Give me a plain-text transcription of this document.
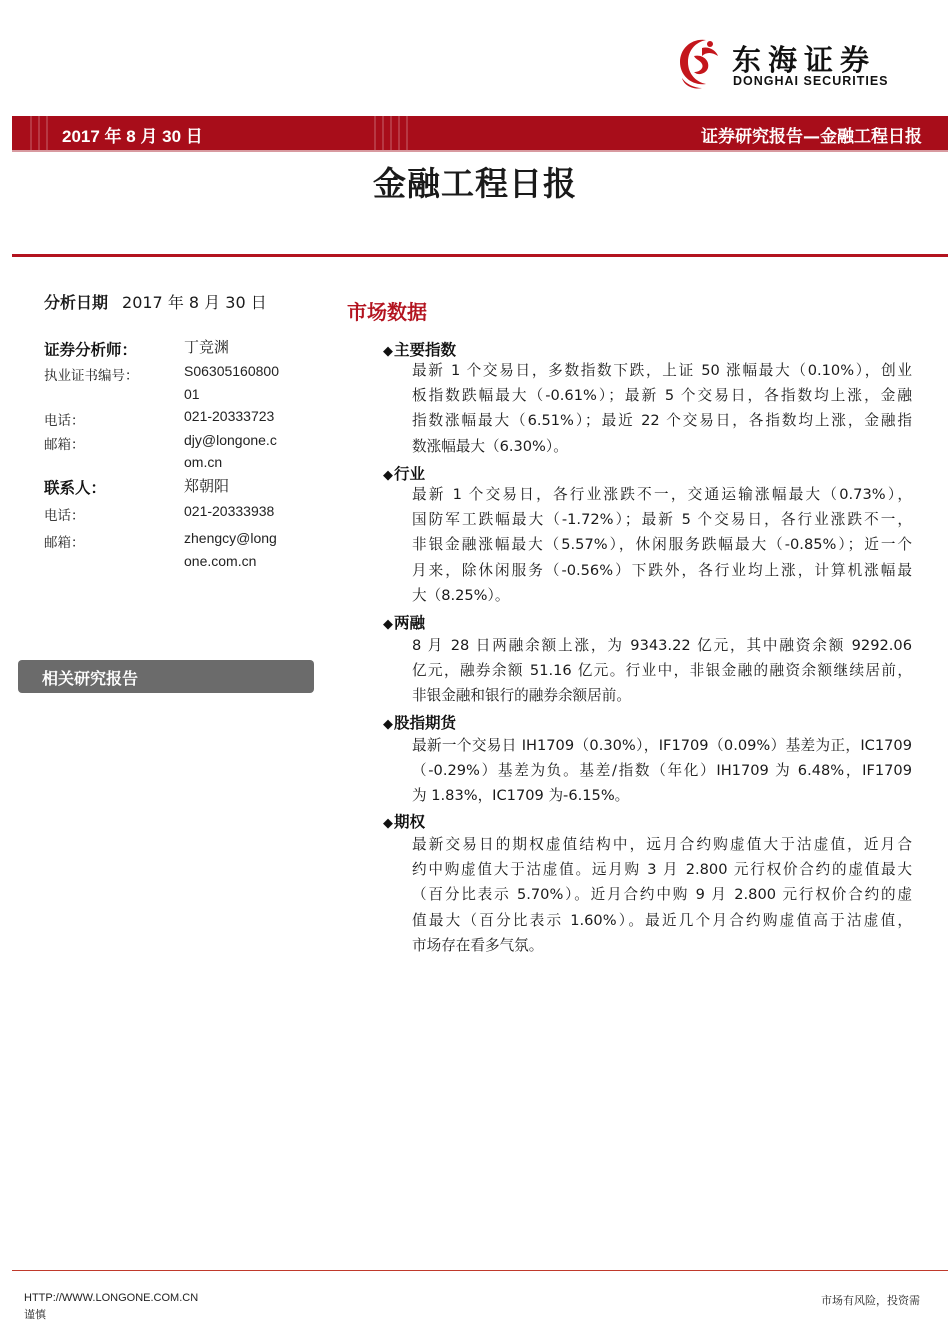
东海证券
DONGHAI SECURITIES
2017 年 8 月 30 日	证券研究报告—金融工程日报
金融工程日报
分析日期 2017 年 8 月 30 日
证券分析师：	丁竞渊
执业证书编号：	S06305160800
01
电话：	021-20333723
邮箱：	djy@longone.c
om.cn
联系人：	郑朝阳
电话：	021-20333938
邮箱：	zhengcy@long
one.com.cn
相关研究报告
市场数据
◆主要指数
最新 1 个交易日，多数指数下跌，上证 50 涨幅最大（0.10%），创业
板指数跌幅最大（-0.61%）；最新 5 个交易日，各指数均上涨，金融
指数涨幅最大（6.51%）；最近 22 个交易日，各指数均上涨，金融指
数涨幅最大（6.30%）。
◆行业
最新 1 个交易日，各行业涨跌不一，交通运输涨幅最大（0.73%），
国防军工跌幅最大（-1.72%）；最新 5 个交易日，各行业涨跌不一，
非银金融涨幅最大（5.57%），休闲服务跌幅最大（-0.85%）；近一个
月来，除休闲服务（-0.56%）下跌外，各行业均上涨，计算机涨幅最
大（8.25%）。
◆两融
8 月 28 日两融余额上涨，为 9343.22 亿元，其中融资余额 9292.06
亿元，融券余额 51.16 亿元。行业中，非银金融的融资余额继续居前，
非银金融和银行的融券余额居前。
◆股指期货
最新一个交易日 IH1709（0.30%），IF1709（0.09%）基差为正，IC1709
（-0.29%）基差为负。基差/指数（年化）IH1709 为 6.48%，IF1709
为 1.83%，IC1709 为-6.15%。
◆期权
最新交易日的期权虚值结构中，远月合约购虚值大于沽虚值，近月合
约中购虚值大于沽虚值。远月购 3 月 2.800 元行权价合约的虚值最大
（百分比表示 5.70%）。近月合约中购 9 月 2.800 元行权价合约的虚
值最大（百分比表示 1.60%）。最近几个月合约购虚值高于沽虚值，
市场存在看多气氛。
HTTP://WWW.LONGONE.COM.CN
谨慎
市场有风险，投资需
